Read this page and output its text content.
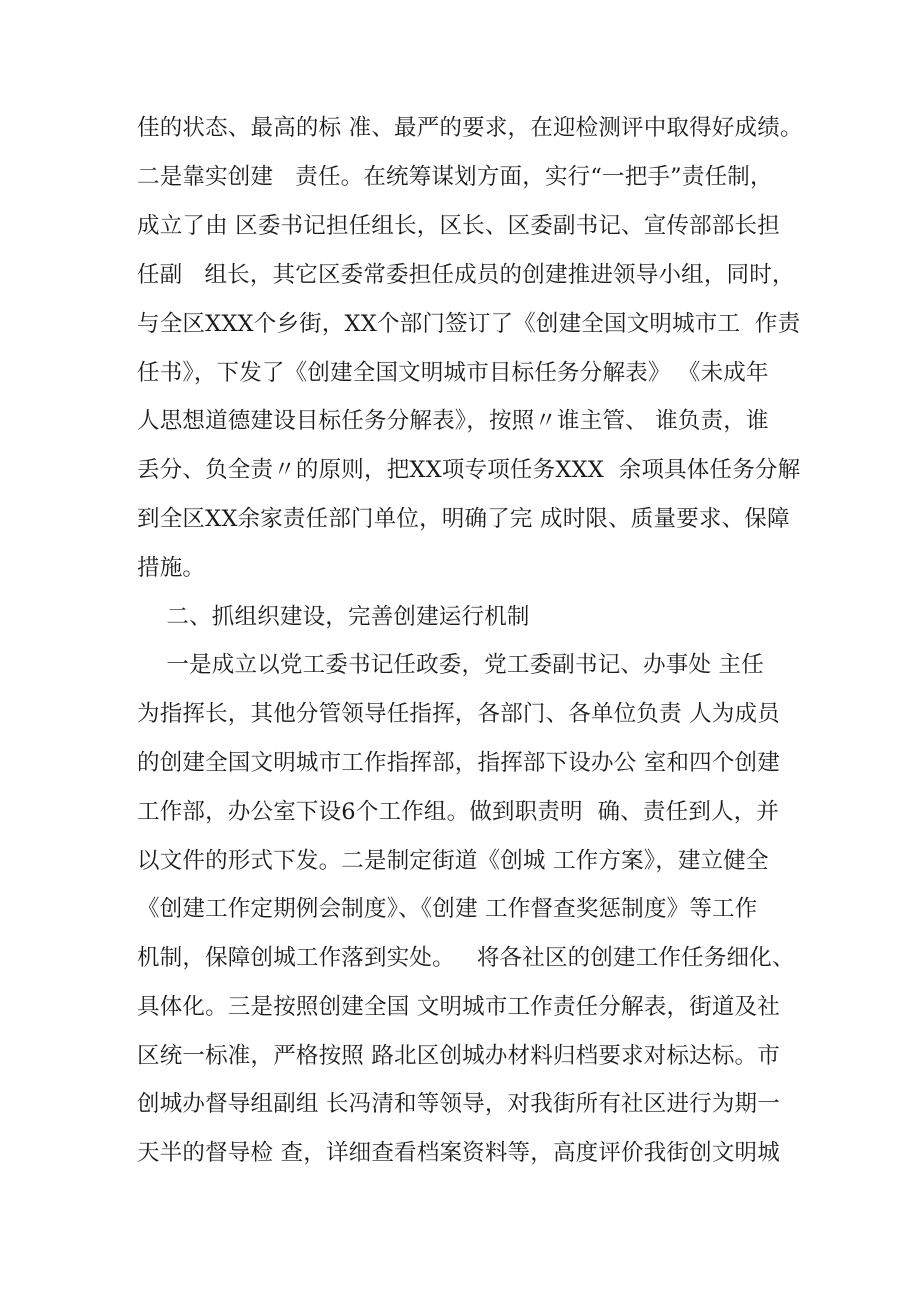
佳的状态、最高的标 准、最严的要求，在迎检测评中取得好成绩。
二是靠实创建   责任。在统筹谋划方面，实行“一把手”责任制，
成立了由 区委书记担任组长，区长、区委副书记、宣传部部长担
任副   组长，其它区委常委担任成员的创建推进领导小组，同时，
与全区XXX个乡街，XX个部门签订了《创建全国文明城市工  作责
任书》，下发了《创建全国文明城市目标任务分解表》 《未成年
人思想道德建设目标任务分解表》，按照〃谁主管、 谁负责，谁
丢分、负全责〃的原则，把XX项专项任务XXX  余项具体任务分解
到全区XX余家责任部门单位，明确了完 成时限、质量要求、保障
措施。
二、抓组织建设，完善创建运行机制
一是成立以党工委书记任政委，党工委副书记、办事处 主任
为指挥长，其他分管领导任指挥，各部门、各单位负责 人为成员
的创建全国文明城市工作指挥部，指挥部下设办公 室和四个创建
工作部，办公室下设6个工作组。做到职责明  确、责任到人，并
以文件的形式下发。二是制定街道《创城 工作方案》，建立健全
《创建工作定期例会制度》、《创建 工作督查奖惩制度》等工作
机制，保障创城工作落到实处。   将各社区的创建工作任务细化、
具体化。三是按照创建全国 文明城市工作责任分解表，街道及社
区统一标准，严格按照 路北区创城办材料归档要求对标达标。市
创城办督导组副组 长冯清和等领导，对我街所有社区进行为期一
天半的督导检 查，详细查看档案资料等，高度评价我街创文明城
